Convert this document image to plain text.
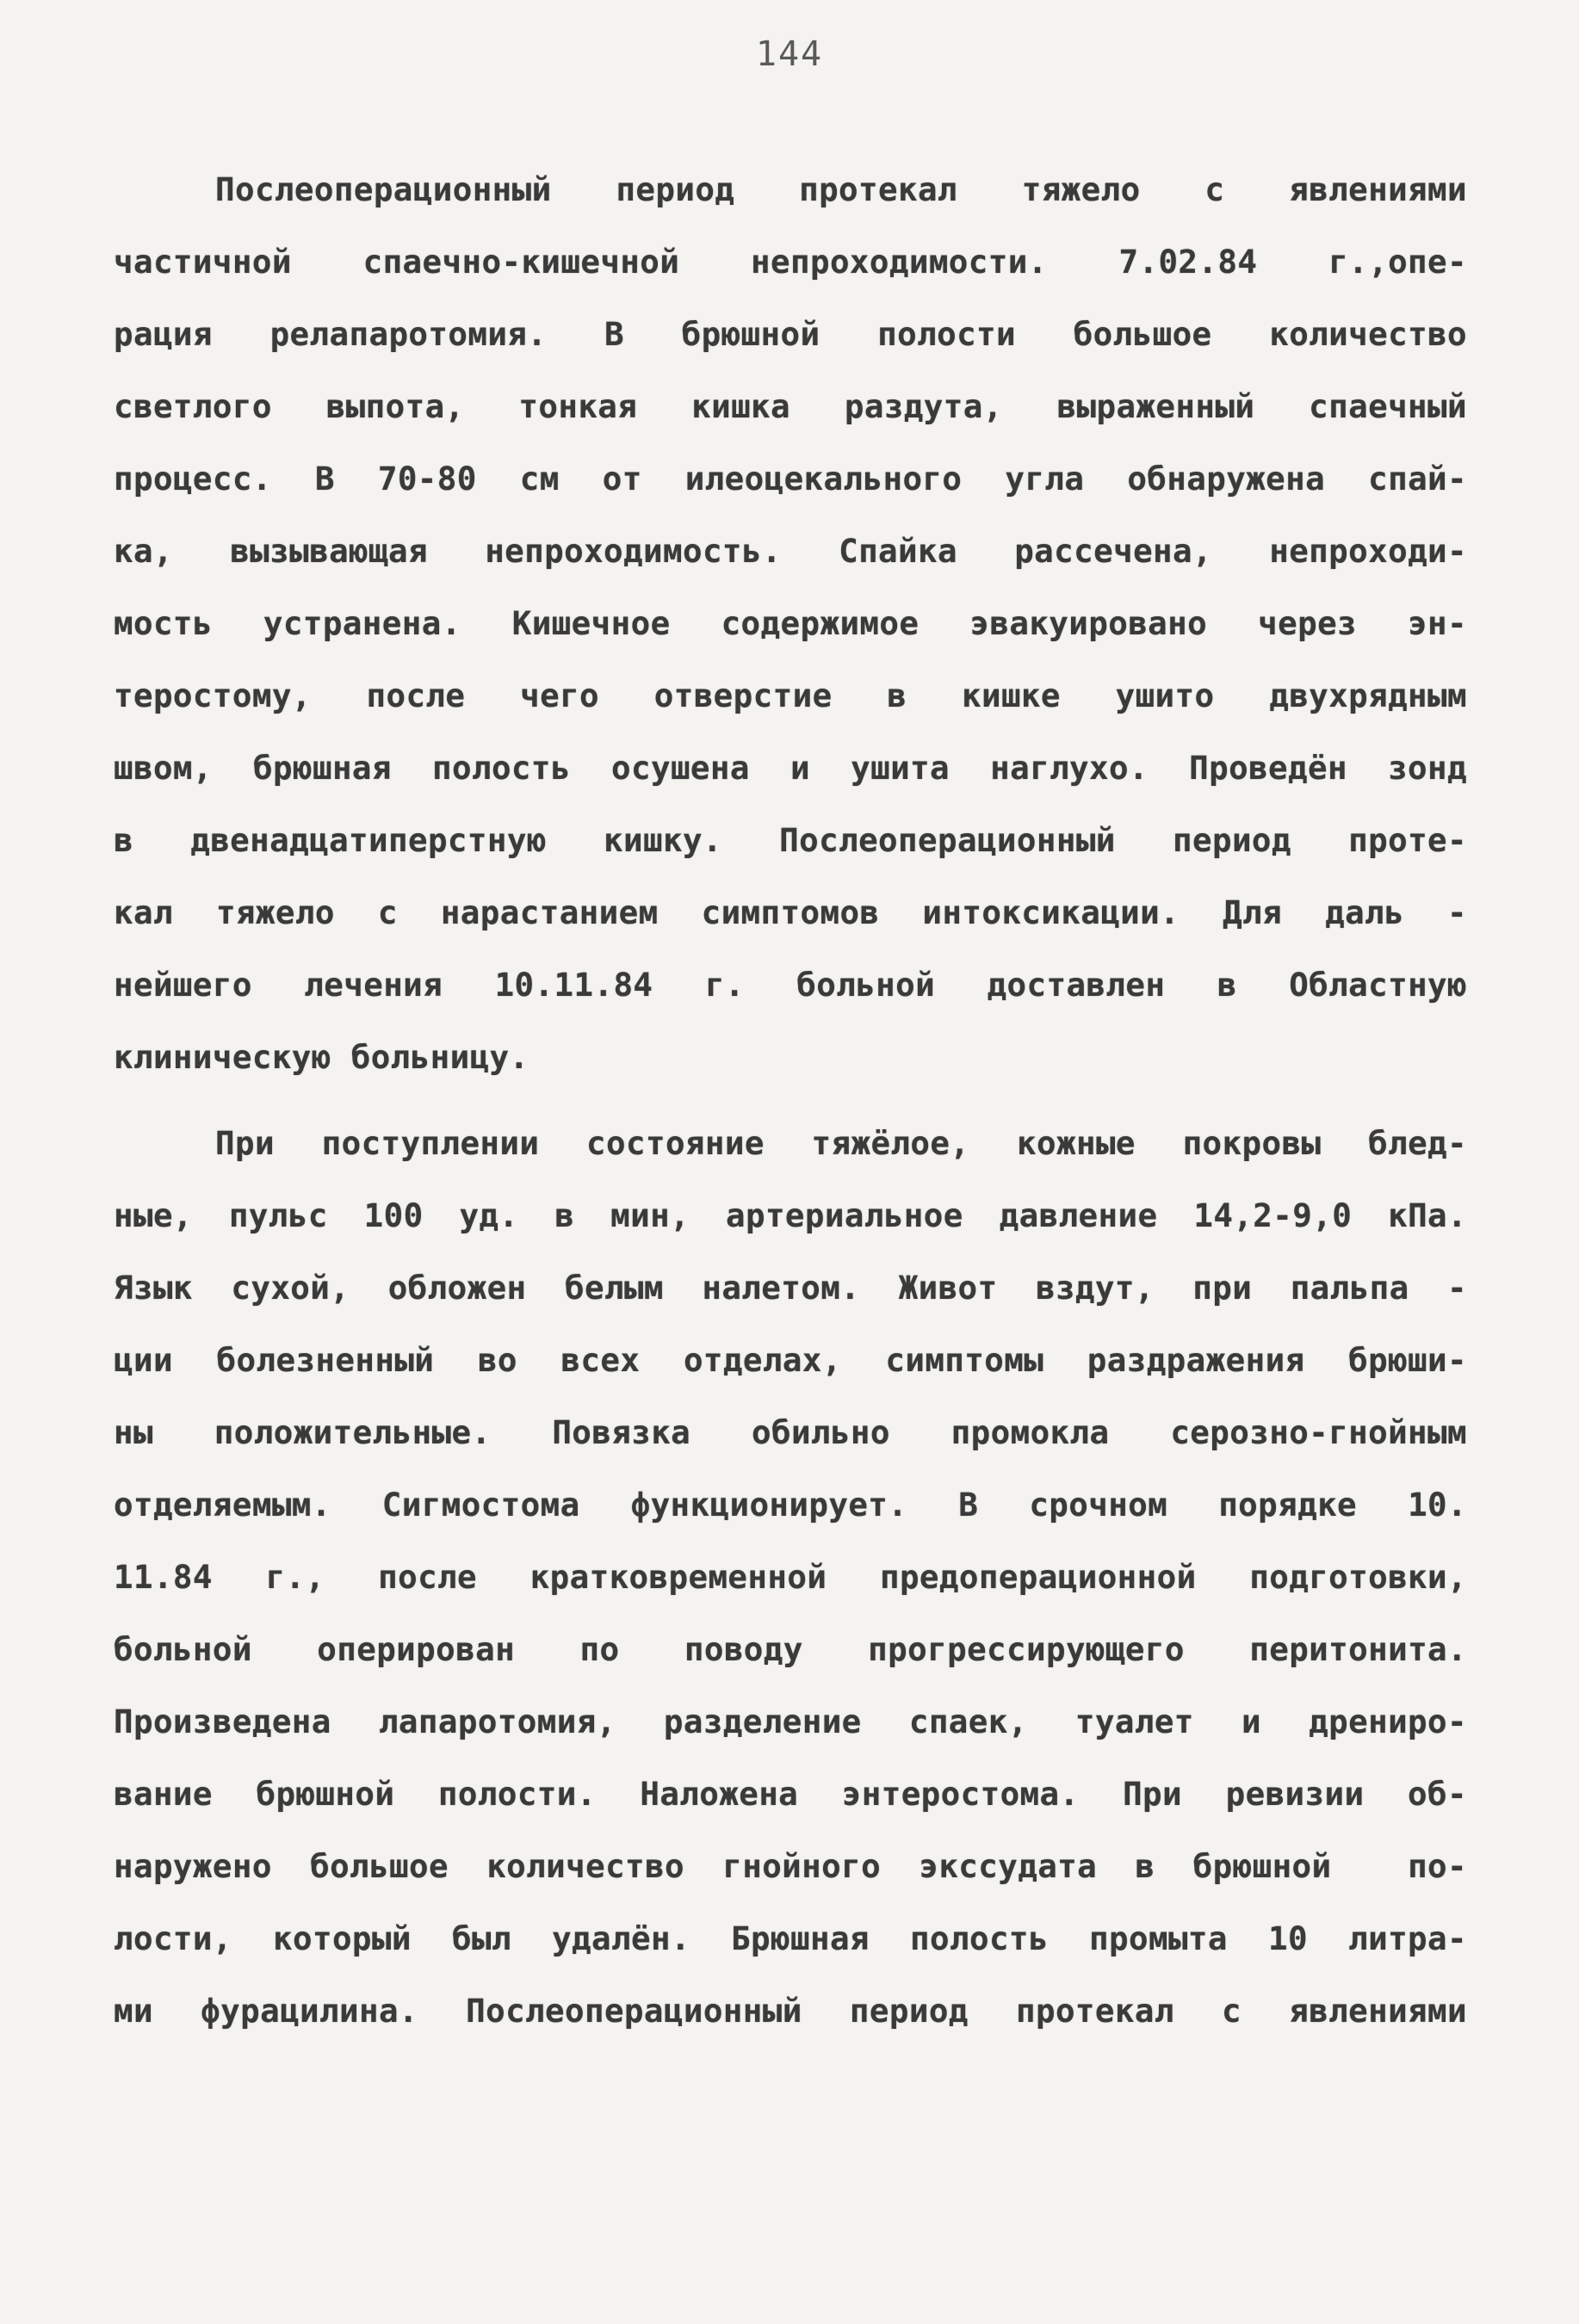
144
Послеоперационный период протекал тяжело с явлениями
частичной спаечно-кишечной непроходимости. 7.02.84 г.,опе-
рация релапаротомия. В брюшной полости большое количество
светлого выпота, тонкая кишка раздута, выраженный спаечный
процесс. В 70-80 см от илеоцекального угла обнаружена спай-
ка, вызывающая непроходимость. Спайка рассечена, непроходи-
мость устранена. Кишечное содержимое эвакуировано через эн-
теростому, после чего отверстие в кишке ушито двухрядным
швом, брюшная полость осушена и ушита наглухо. Проведён зонд
в двенадцатиперстную кишку. Послеоперационный период проте-
кал тяжело с нарастанием симптомов интоксикации. Для даль -
нейшего лечения 10.11.84 г. больной доставлен в Областную
клиническую больницу.
При поступлении состояние тяжёлое, кожные покровы блед-
ные, пульс 100 уд. в мин, артериальное давление 14,2-9,0 кПа.
Язык сухой, обложен белым налетом. Живот вздут, при пальпа -
ции болезненный во всех отделах, симптомы раздражения брюши-
ны положительные. Повязка обильно промокла серозно-гнойным
отделяемым. Сигмостома функционирует. В срочном порядке 10.
11.84 г., после кратковременной предоперационной подготовки,
больной оперирован по поводу прогрессирующего перитонита.
Произведена лапаротомия, разделение спаек, туалет и дрениро-
вание брюшной полости. Наложена энтеростома. При ревизии об-
наружено большое количество гнойного экссудата в брюшной  по-
лости, который был удалён. Брюшная полость промыта 10 литра-
ми фурацилина. Послеоперационный период протекал с явлениями
